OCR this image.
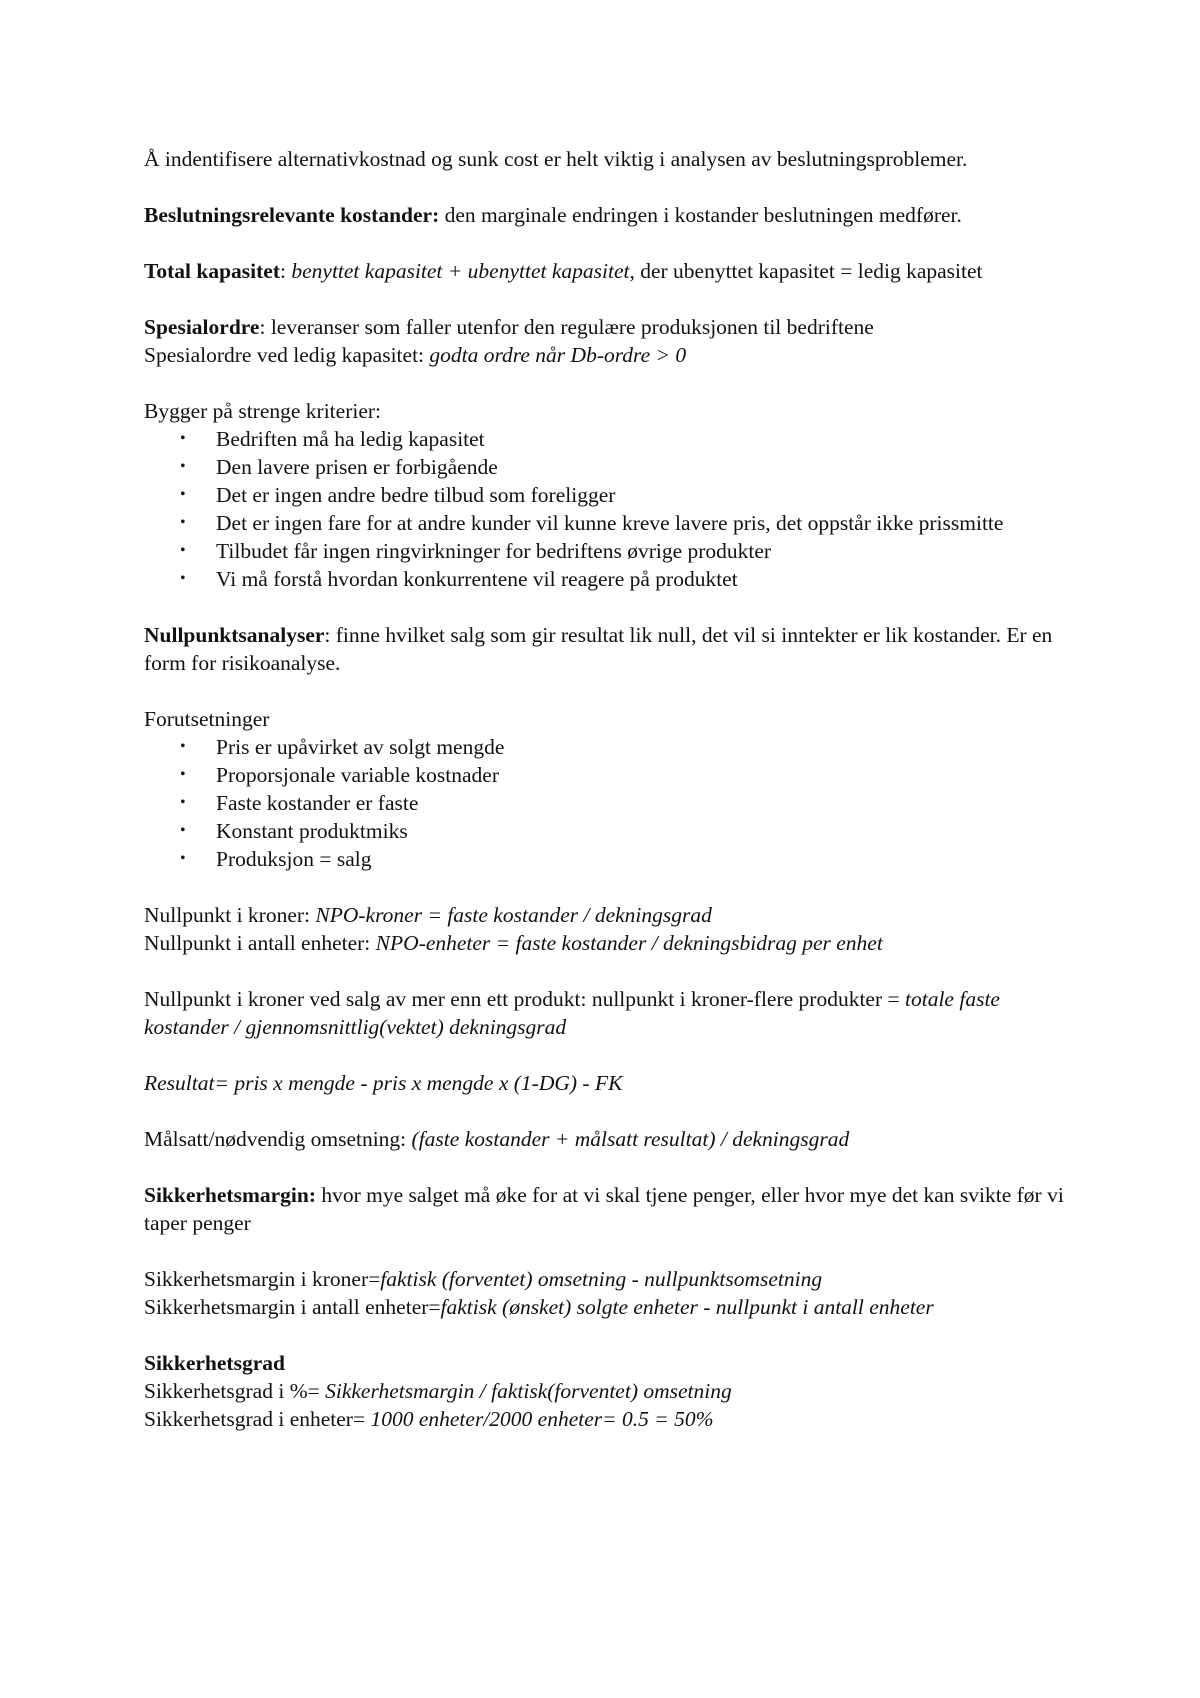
Å indentifisere alternativkostnad og sunk cost er helt viktig i analysen av beslutningsproblemer.

Beslutningsrelevante kostander: den marginale endringen i kostander beslutningen medfører.

Total kapasitet: benyttet kapasitet + ubenyttet kapasitet, der ubenyttet kapasitet = ledig kapasitet

Spesialordre: leveranser som faller utenfor den regulære produksjonen til bedriftene

Spesialordre ved ledig kapasitet: godta ordre når Db-ordre > 0

Bygger på strenge kriterier:

• Bedriften må ha ledig kapasitet
• Den lavere prisen er forbigående
• Det er ingen andre bedre tilbud som foreligger
• Det er ingen fare for at andre kunder vil kunne kreve lavere pris, det oppstår ikke prissmitte
• Tilbudet får ingen ringvirkninger for bedriftens øvrige produkter
• Vi må forstå hvordan konkurrentene vil reagere på produktet

Nullpunktsanalyser: finne hvilket salg som gir resultat lik null, det vil si inntekter er lik kostander. Er en form for risikoanalyse.

Forutsetninger

• Pris er upåvirket av solgt mengde
• Proporsjonale variable kostnader
• Faste kostander er faste
• Konstant produktmiks
• Produksjon = salg

Nullpunkt i kroner: NPO-kroner = faste kostander / dekningsgrad

Nullpunkt i antall enheter: NPO-enheter = faste kostander / dekningsbidrag per enhet

Nullpunkt i kroner ved salg av mer enn ett produkt: nullpunkt i kroner-flere produkter = totale faste kostander / gjennomsnittlig(vektet) dekningsgrad

Resultat= pris x mengde - pris x mengde x (1-DG) - FK

Målsatt/nødvendig omsetning: (faste kostander + målsatt resultat) / dekningsgrad

Sikkerhetsmargin: hvor mye salget må øke for at vi skal tjene penger, eller hvor mye det kan svikte før vi taper penger

Sikkerhetsmargin i kroner=faktisk (forventet) omsetning - nullpunktsomsetning

Sikkerhetsmargin i antall enheter=faktisk (ønsket) solgte enheter - nullpunkt i antall enheter

Sikkerhetsgrad

Sikkerhetsgrad i %= Sikkerhetsmargin / faktisk(forventet) omsetning

Sikkerhetsgrad i enheter= 1000 enheter/2000 enheter= 0.5 = 50%
